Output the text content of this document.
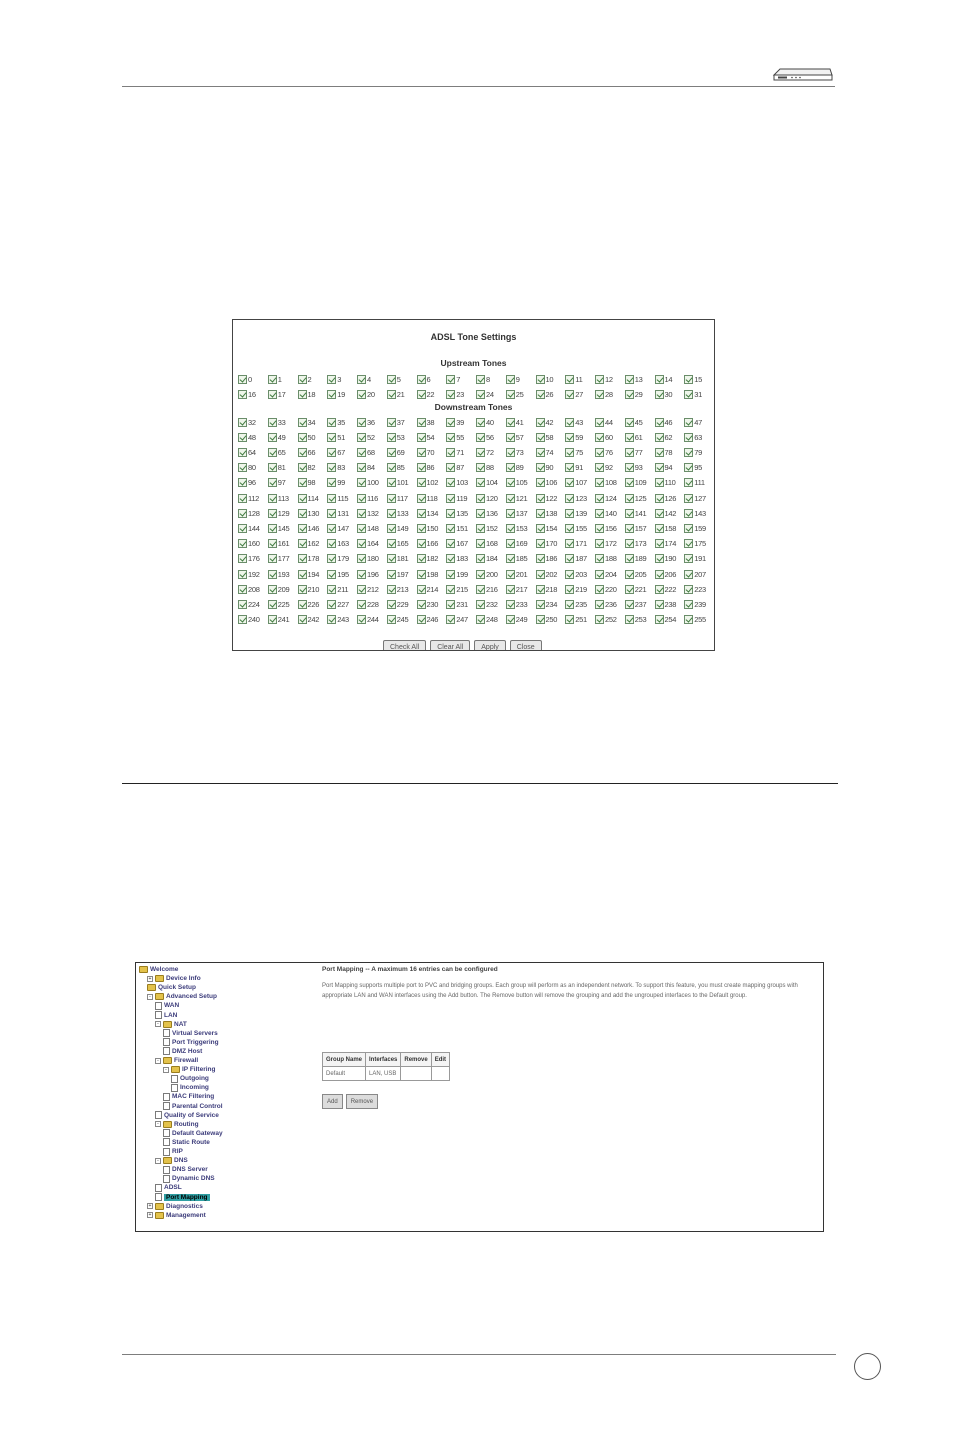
ADSL Tone Settings
Upstream Tones
Downstream Tones
0	1	2	3	4	5	6	7	8	9	10	11	12	13	14	15
16	17	18	19	20	21	22	23	24	25	26	27	28	29	30	31
32	33	34	35	36	37	38	39	40	41	42	43	44	45	46	47
48	49	50	51	52	53	54	55	56	57	58	59	60	61	62	63
64	65	66	67	68	69	70	71	72	73	74	75	76	77	78	79
80	81	82	83	84	85	86	87	88	89	90	91	92	93	94	95
96	97	98	99	100 101 102 103 104 105 106 107 108 109 110 111
112 113 114 115 116 117 118 119 120 121 122 123 124 125 126 127
128 129 130 131 132 133 134 135 136 137 138 139 140 141 142 143
144 145 146 147 148 149 150 151 152 153 154 155 156 157 158 159
160 161 162 163 164 165 166 167 168 169 170 171 172 173 174 175
176 177 178 179 180 181 182 183 184 185 186 187 188 189 190 191
192 193 194 195 196 197 198 199 200 201 202 203 204 205 206 207
208 209 210 211 212 213 214 215 216 217 218 219 220 221 222 223
224 225 226 227 228 229 230 231 232 233 234 235 236 237 238 239
240 241 242 243 244 245 246 247 248 249 250 251 252 253 254 255
Check All	Clear All	Apply	Close
Welcome
+ Device Info
Quick Setup
-	Advanced Setup
WAN
LAN
-	NAT
Virtual Servers
Port Triggering
DMZ Host
-	Firewall
-	IP Filtering
Outgoing
Incoming
MAC Filtering
Parental Control
Quality of Service
-	Routing
Default Gateway
Static Route
RIP
-	DNS
DNS Server
Dynamic DNS
ADSL
Port Mapping
+ Diagnostics
+ Management
Port Mapping -- A maximum 16 entries can be configured
Port Mapping supports multiple port to PVC and bridging groups. Each group will perform as an independent network. To support this feature, you must create mapping groups with appropriate LAN and WAN interfaces using the Add button. The Remove button will remove the grouping and add the ungrouped interfaces to the Default group.
Group Name	Interfaces	Remove	Edit
Default	LAN, USB		
Add	Remove
